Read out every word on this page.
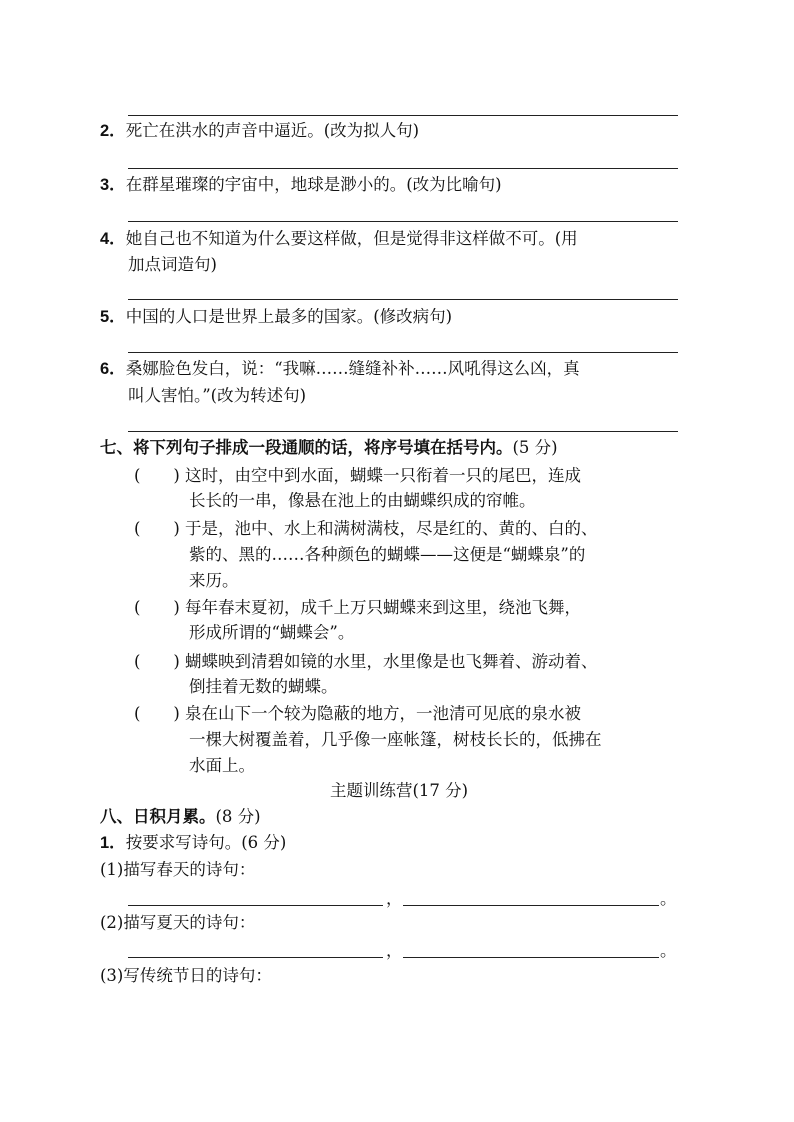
2．死亡在洪水的声音中逼近。(改为拟人句)
3．在群星璀璨的宇宙中，地球是渺小的。(改为比喻句)
4．她自己也不知道为什么要这样做，但是觉得非这样做不可。(用
加点词造句)
5．中国的人口是世界上最多的国家。(修改病句)
6．桑娜脸色发白，说：“我嘛……缝缝补补……风吼得这么凶，真
叫人害怕。”(改为转述句)
七、将下列句子排成一段通顺的话，将序号填在括号内。(5 分)
(　　) 这时，由空中到水面，蝴蝶一只衔着一只的尾巴，连成
长长的一串，像悬在池上的由蝴蝶织成的帘帷。
(　　) 于是，池中、水上和满树满枝，尽是红的、黄的、白的、
紫的、黑的……各种颜色的蝴蝶——这便是“蝴蝶泉”的
来历。
(　　) 每年春末夏初，成千上万只蝴蝶来到这里，绕池飞舞，
形成所谓的“蝴蝶会”。
(　　) 蝴蝶映到清碧如镜的水里，水里像是也飞舞着、游动着、
倒挂着无数的蝴蝶。
(　　) 泉在山下一个较为隐蔽的地方，一池清可见底的泉水被
一棵大树覆盖着，几乎像一座帐篷，树枝长长的，低拂在
水面上。
主题训练营(17 分)
八、日积月累。(8 分)
1．按要求写诗句。(6 分)
(1)描写春天的诗句：
，	。
(2)描写夏天的诗句：
，	。
(3)写传统节日的诗句：
